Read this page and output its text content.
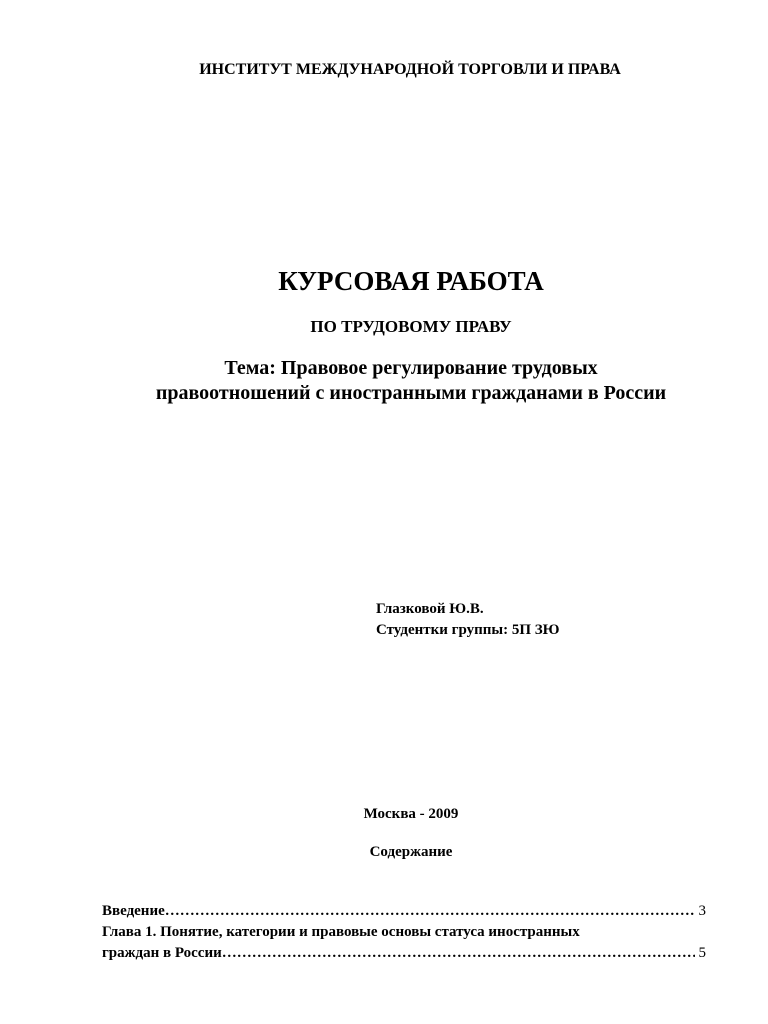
ИНСТИТУТ МЕЖДУНАРОДНОЙ ТОРГОВЛИ И ПРАВА
КУРСОВАЯ РАБОТА
ПО ТРУДОВОМУ ПРАВУ
Тема: Правовое регулирование трудовых
правоотношений с иностранными гражданами в России
Глазковой Ю.В.
Студентки группы: 5П ЗЮ
Москва - 2009
Содержание
Введение …………………………………………………………………………………………………………………………………………	3
Глава 1. Понятие, категории и правовые основы статуса иностранных
граждан в России …………………………………………………………………………………………………………………………………………	5
